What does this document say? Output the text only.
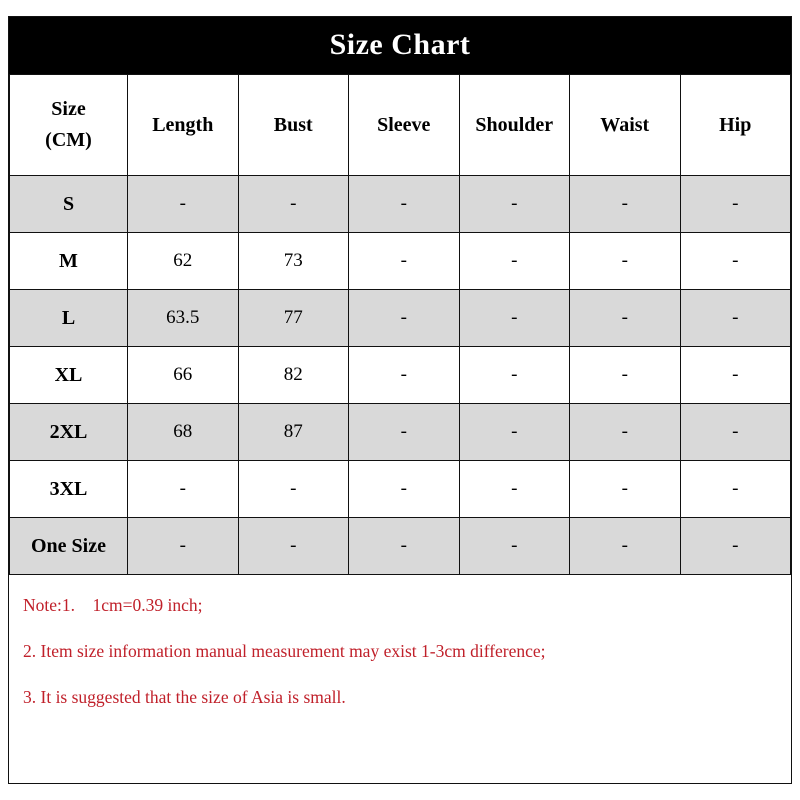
Size Chart
Size
(CM)	Length	Bust	Sleeve	Shoulder	Waist	Hip
S	-	-	-	-	-	-
M	62	73	-	-	-	-
L	63.5	77	-	-	-	-
XL	66	82	-	-	-	-
2XL	68	87	-	-	-	-
3XL	-	-	-	-	-	-
One Size	-	-	-	-	-	-
Note:1.    1cm=0.39 inch;
2. Item size information manual measurement may exist 1-3cm difference;
3. It is suggested that the size of Asia is small.
